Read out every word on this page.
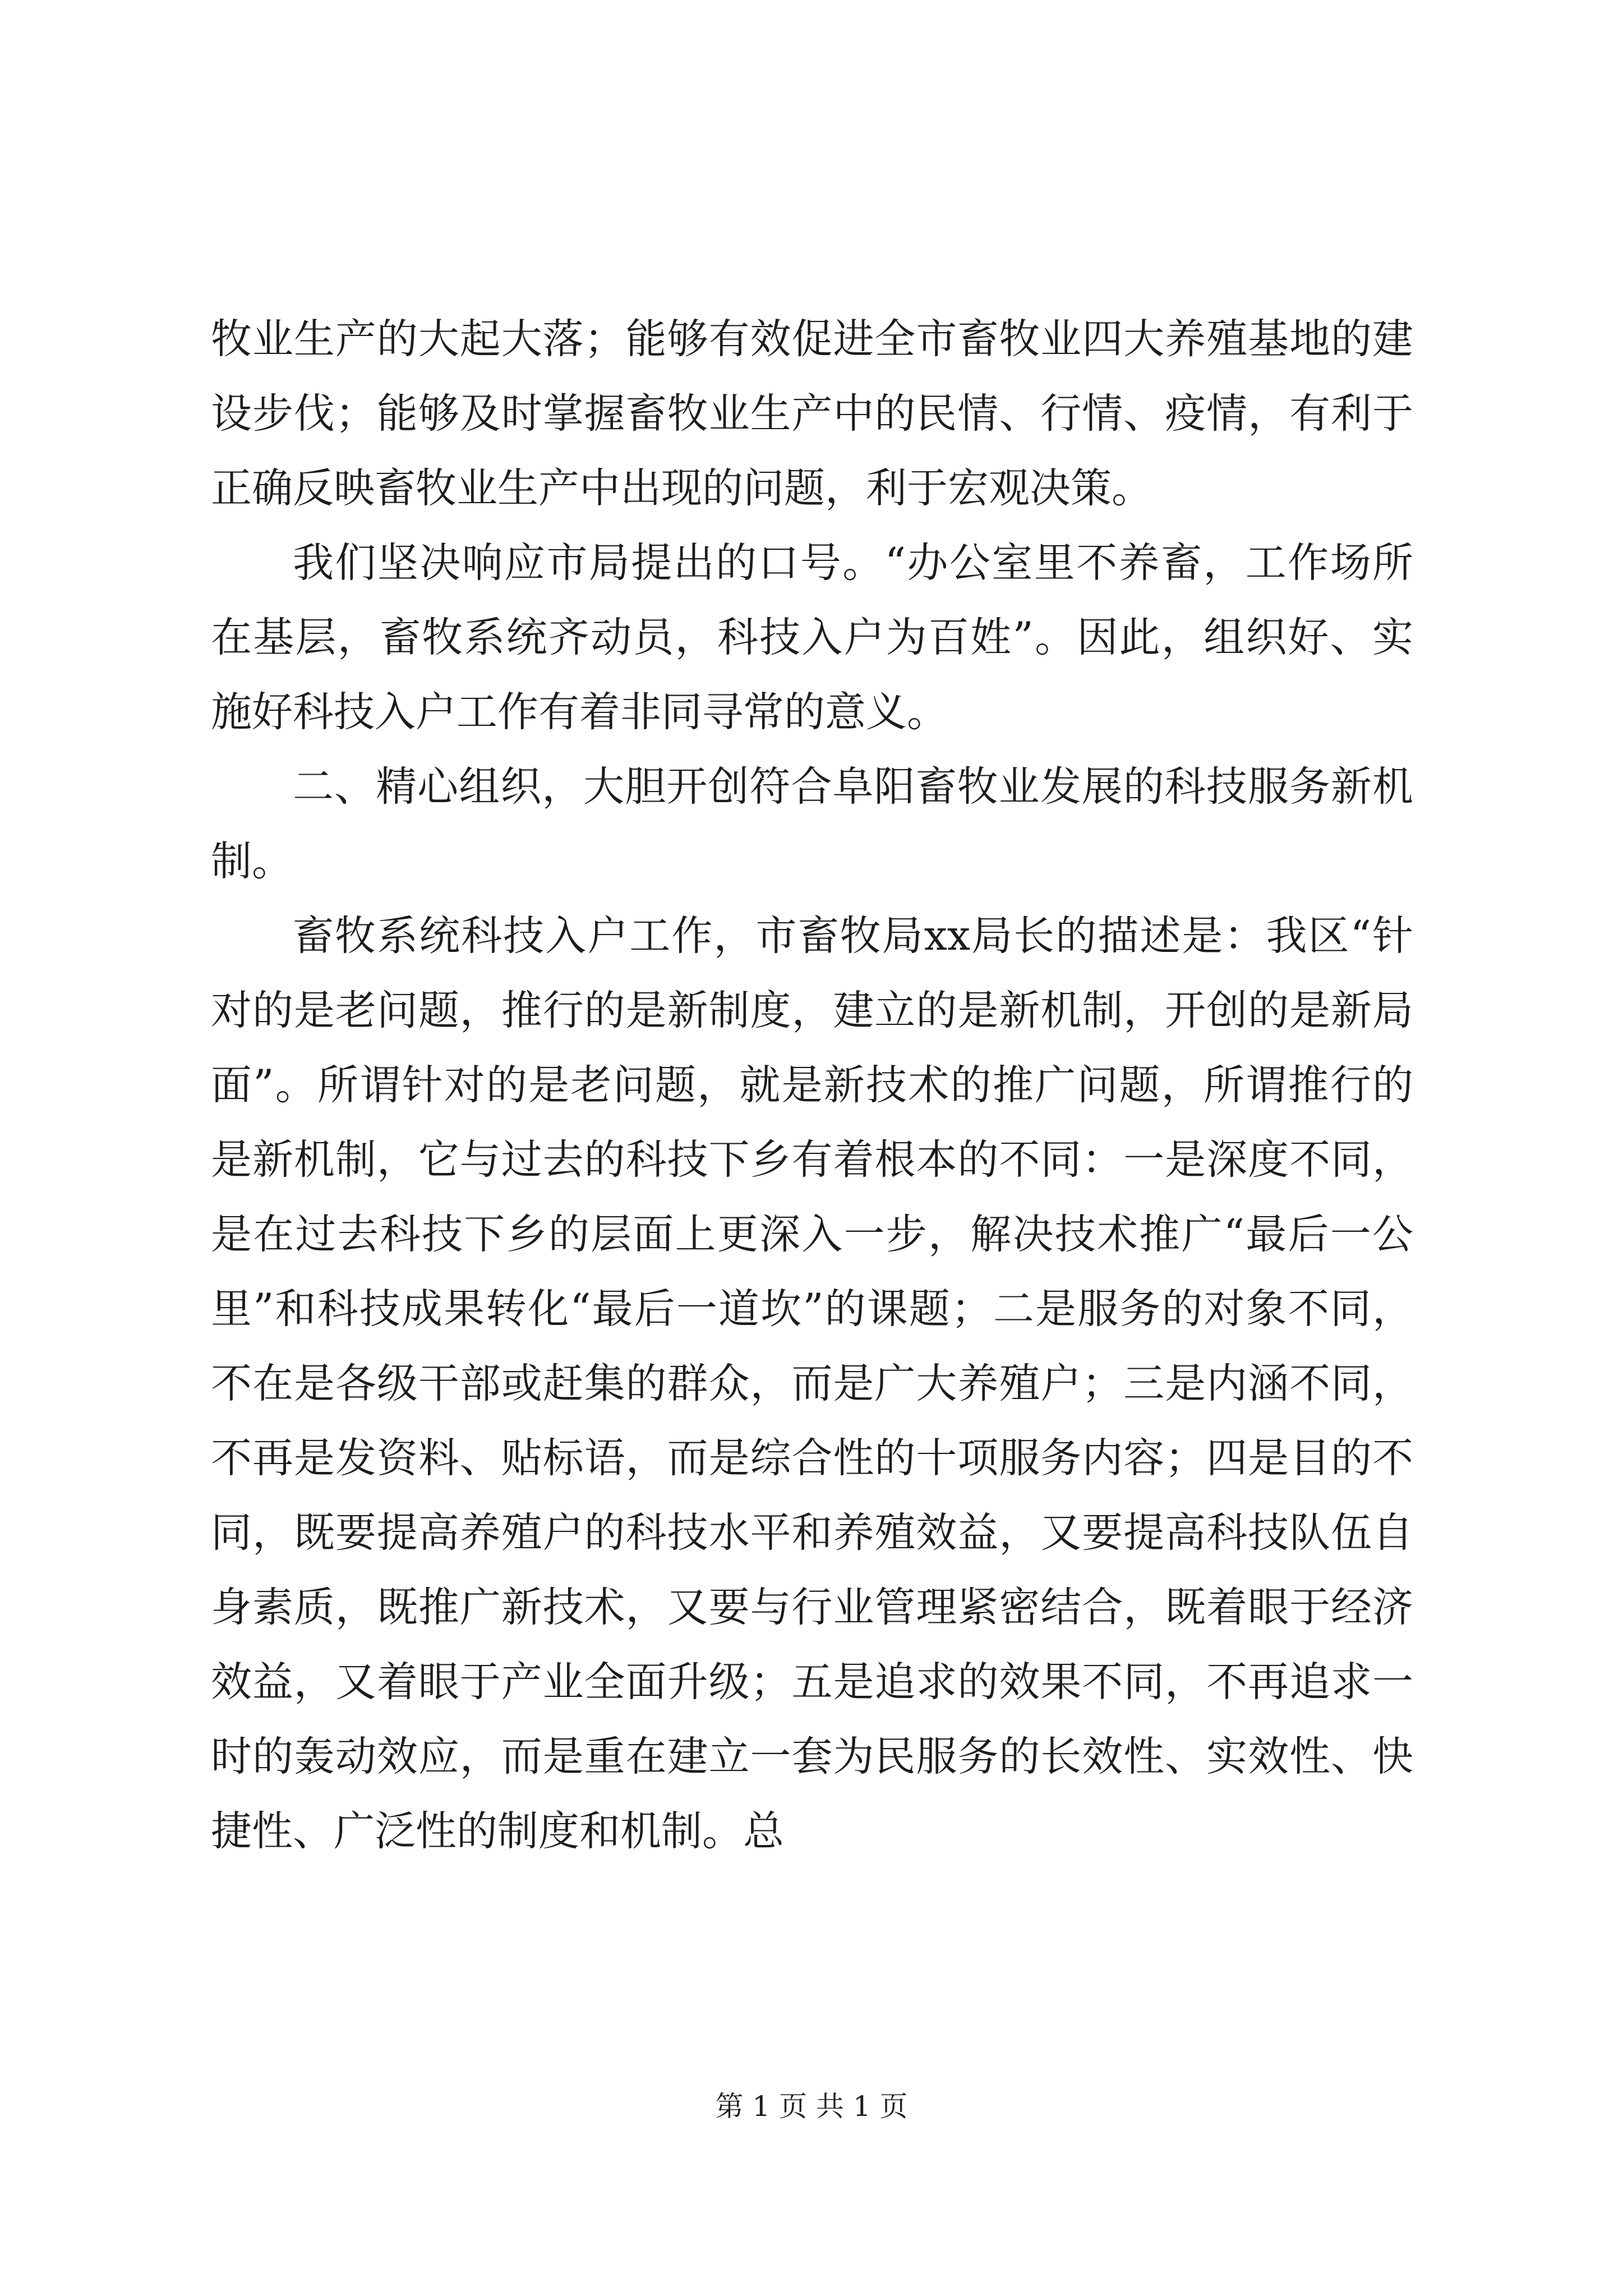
牧业生产的大起大落；能够有效促进全市畜牧业四大养殖基地的建设步伐；能够及时掌握畜牧业生产中的民情、行情、疫情，有利于正确反映畜牧业生产中出现的问题，利于宏观决策。

我们坚决响应市局提出的口号。“办公室里不养畜，工作场所在基层，畜牧系统齐动员，科技入户为百姓”。因此，组织好、实施好科技入户工作有着非同寻常的意义。

二、精心组织，大胆开创符合阜阳畜牧业发展的科技服务新机制。

畜牧系统科技入户工作，市畜牧局xx局长的描述是：我区“针对的是老问题，推行的是新制度，建立的是新机制，开创的是新局面”。所谓针对的是老问题，就是新技术的推广问题，所谓推行的是新机制，它与过去的科技下乡有着根本的不同：一是深度不同，是在过去科技下乡的层面上更深入一步，解决技术推广“最后一公里”和科技成果转化“最后一道坎”的课题；二是服务的对象不同，不在是各级干部或赶集的群众，而是广大养殖户；三是内涵不同，不再是发资料、贴标语，而是综合性的十项服务内容；四是目的不同，既要提高养殖户的科技水平和养殖效益，又要提高科技队伍自身素质，既推广新技术，又要与行业管理紧密结合，既着眼于经济效益，又着眼于产业全面升级；五是追求的效果不同，不再追求一时的轰动效应，而是重在建立一套为民服务的长效性、实效性、快捷性、广泛性的制度和机制。总

第 1 页 共 1 页
